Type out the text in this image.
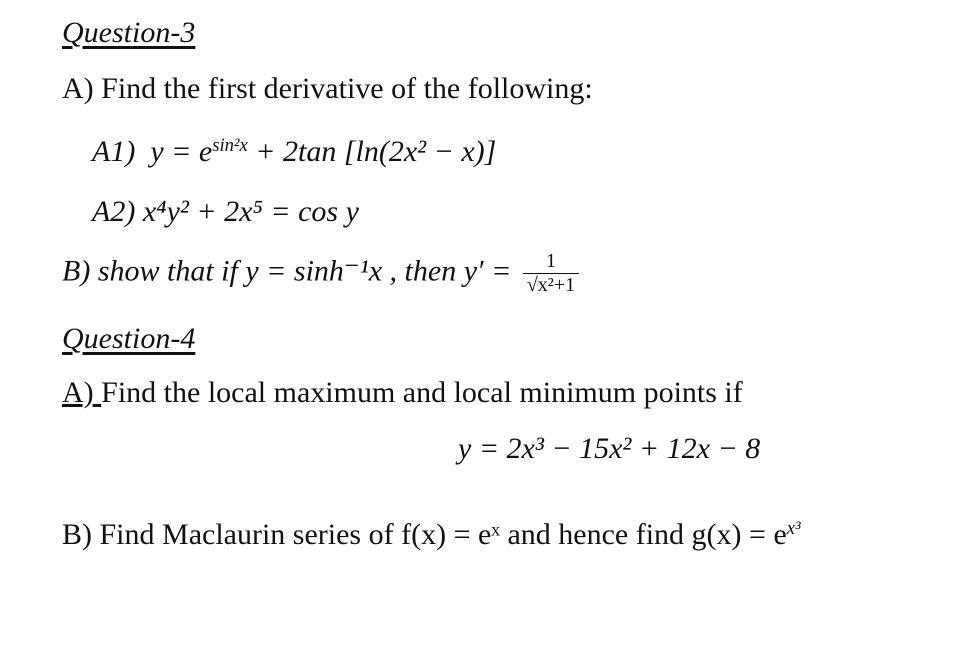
Question-3
A) Find the first derivative of the following:
A1) $y = e^{sin^2x} + 2\tan$ [ln(2x² − x)]
A2) x⁴y² + 2x⁵ = cos y
B) show that if y = sinh⁻¹x , then $y' = \frac{1}{\text{√x²+1}}$
Question-4
A) Find the local maximum and local minimum points if
y = 2x³ − 15x² + 12x − 8
B) Find Maclaurin series of f(x) = eˣ and hence find $g(x) = e^{x^3}$
